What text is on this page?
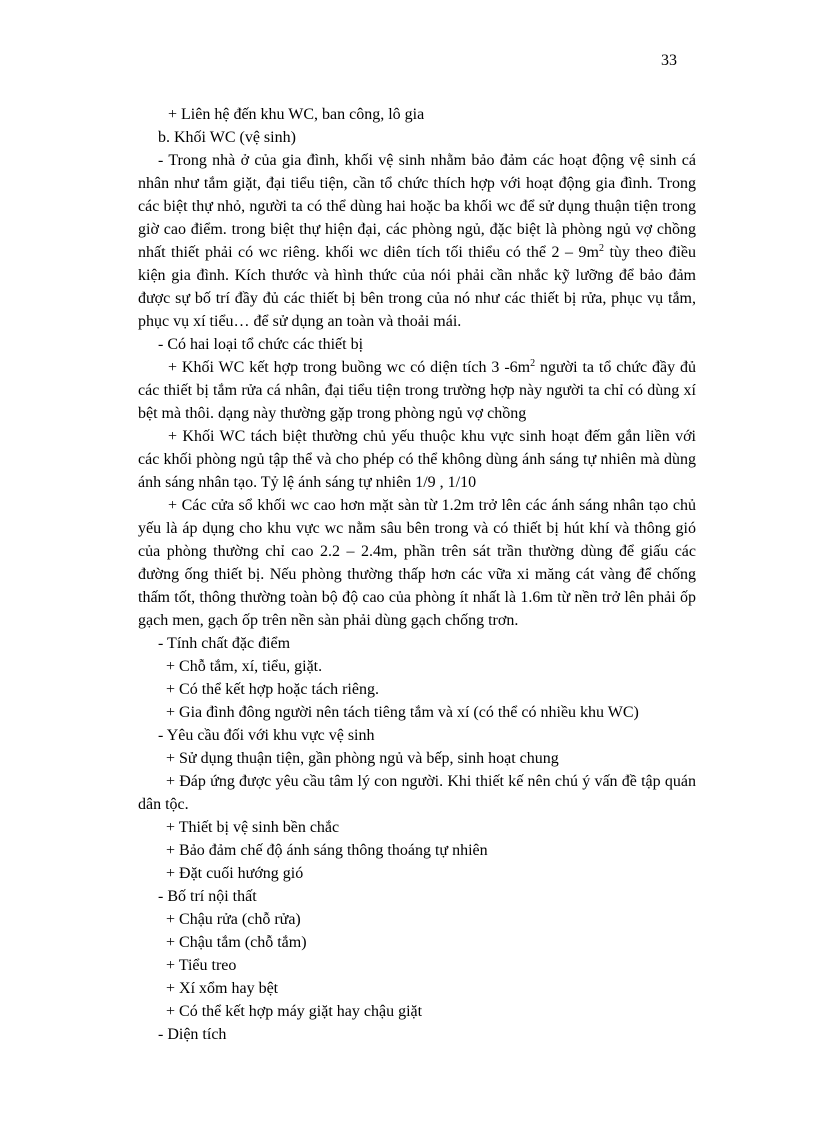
33

+ Liên hệ đến khu WC, ban công, lô gia

b. Khối WC (vệ sinh)

- Trong nhà ở của gia đình, khối vệ sinh nhằm bảo đảm các hoạt động vệ sinh cá nhân như tắm giặt, đại tiểu tiện, cần tổ chức thích hợp với hoạt động gia đình. Trong các biệt thự nhỏ, người ta có thể dùng hai hoặc ba khối wc để sử dụng thuận tiện trong giờ cao điểm. trong biệt thự hiện đại, các phòng ngủ, đặc biệt là phòng ngủ vợ chồng nhất thiết phải có wc riêng. khối wc diên tích tối thiểu có thể $2 - 9m^2$ tùy theo điều kiện gia đình. Kích thước và hình thức của nói phải cần nhắc kỹ lưỡng để bảo đảm được sự bố trí đầy đủ các thiết bị bên trong của nó như các thiết bị rửa, phục vụ tắm, phục vụ xí tiểu… để sử dụng an toàn và thoải mái.

- Có hai loại tổ chức các thiết bị

+ Khối WC kết hợp trong buồng wc có diện tích 3 $-6m^2$ người ta tổ chức đầy đủ các thiết bị tắm rửa cá nhân, đại tiểu tiện trong trường hợp này người ta chỉ có dùng xí bệt mà thôi. dạng này thường gặp trong phòng ngủ vợ chồng

+ Khối WC tách biệt thường chủ yếu thuộc khu vực sinh hoạt đếm gắn liền với các khối phòng ngủ tập thể và cho phép có thể không dùng ánh sáng tự nhiên mà dùng ánh sáng nhân tạo. Tỷ lệ ánh sáng tự nhiên 1/9 , 1/10

+ Các cửa sổ khối wc cao hơn mặt sàn từ 1.2m trở lên các ánh sáng nhân tạo chủ yếu là áp dụng cho khu vực wc nằm sâu bên trong và có thiết bị hút khí và thông gió của phòng thường chỉ cao 2.2 – 2.4m, phần trên sát trần thường dùng để giấu các đường ống thiết bị. Nếu phòng thường thấp hơn các vữa xi măng cát vàng để chống thấm tốt, thông thường toàn bộ độ cao của phòng ít nhất là 1.6m từ nền trở lên phải ốp gạch men, gạch ốp trên nền sàn phải dùng gạch chống trơn.

- Tính chất đặc điểm

+ Chỗ tắm, xí, tiểu, giặt.

+ Có thể kết hợp hoặc tách riêng.

+ Gia đình đông người nên tách tiêng tắm và xí (có thể có nhiều khu WC)

- Yêu cầu đối với khu vực vệ sinh

+ Sử dụng thuận tiện, gần phòng ngủ và bếp, sinh hoạt chung

+ Đáp ứng được yêu cầu tâm lý con người. Khi thiết kế nên chú ý vấn đề tập quán dân tộc.

+ Thiết bị vệ sinh bền chắc

+ Bảo đảm chế độ ánh sáng thông thoáng tự nhiên

+ Đặt cuối hướng gió

- Bố trí nội thất

+ Chậu rửa (chỗ rửa)

+ Chậu tắm (chỗ tắm)

+ Tiểu treo

+ Xí xổm hay bệt

+ Có thể kết hợp máy giặt hay chậu giặt

- Diện tích
